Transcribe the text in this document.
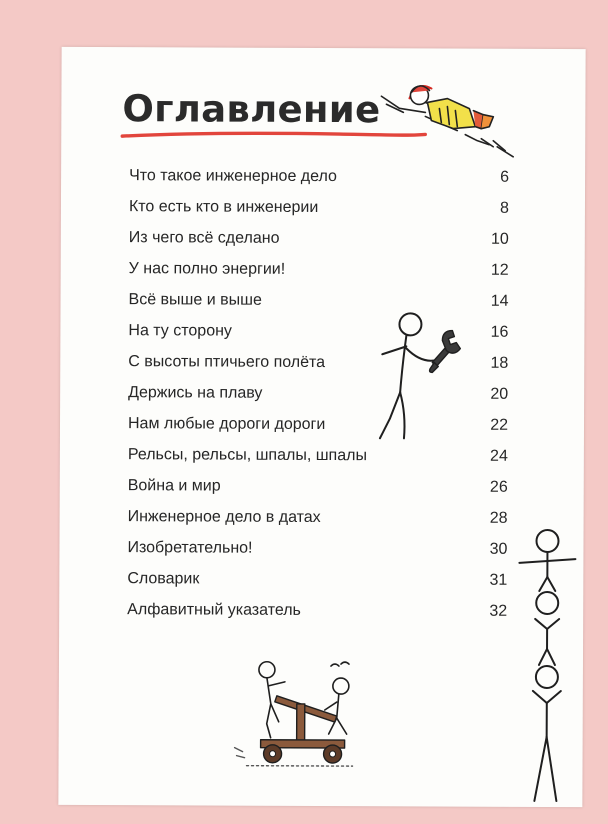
Оглавление
Что такое инженерное дело	6
Кто есть кто в инженерии	8
Из чего всё сделано	10
У нас полно энергии!	12
Всё выше и выше	14
На ту сторону	16
С высоты птичьего полёта	18
Держись на плаву	20
Нам любые дороги дороги	22
Рельсы, рельсы, шпалы, шпалы	24
Война и мир	26
Инженерное дело в датах	28
Изобретательно!	30
Словарик	31
Алфавитный указатель	32
